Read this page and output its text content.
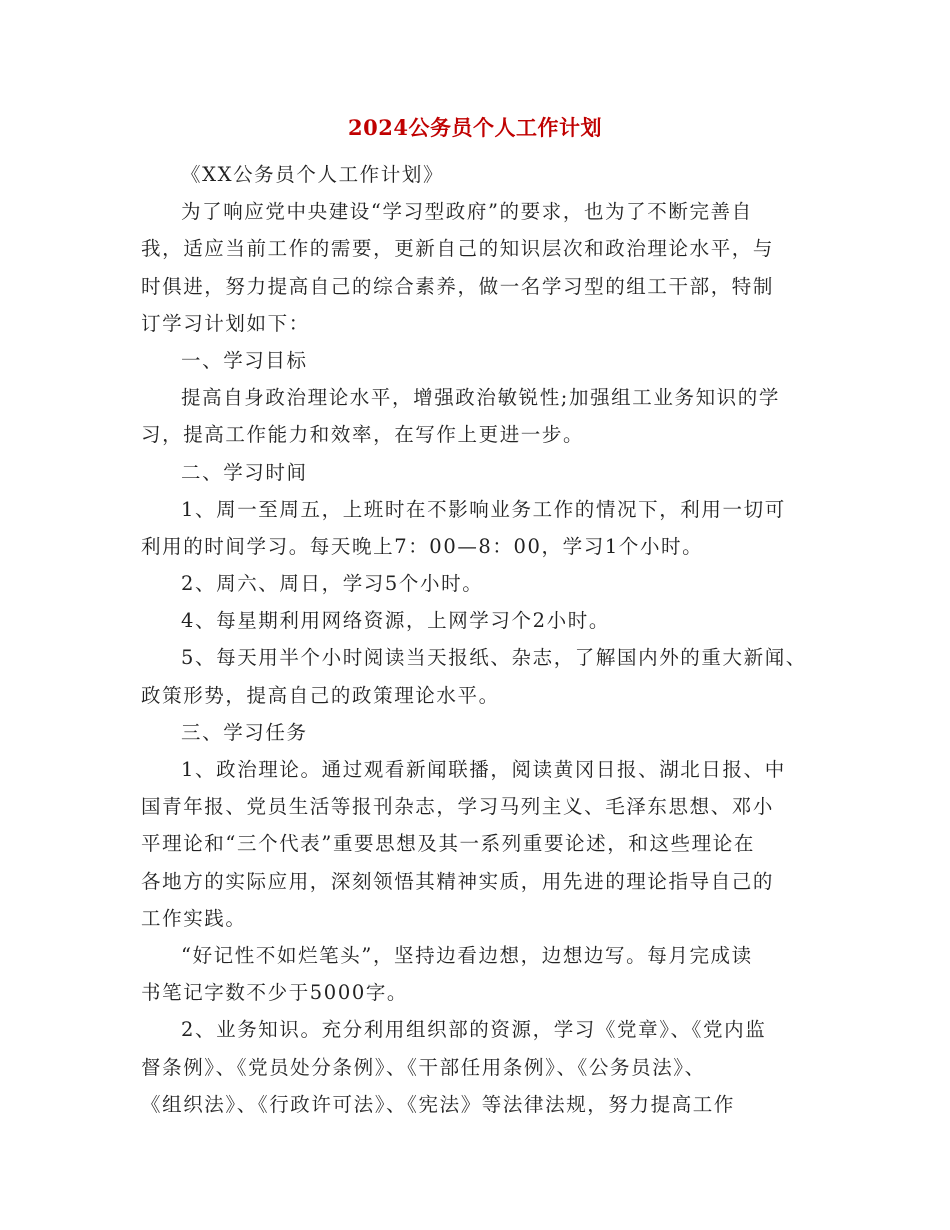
2024公务员个人工作计划
《XX公务员个人工作计划》
为了响应党中央建设“学习型政府”的要求，也为了不断完善自
我，适应当前工作的需要，更新自己的知识层次和政治理论水平，与
时俱进，努力提高自己的综合素养，做一名学习型的组工干部，特制
订学习计划如下：
一、学习目标
提高自身政治理论水平，增强政治敏锐性;加强组工业务知识的学
习，提高工作能力和效率，在写作上更进一步。
二、学习时间
1、周一至周五，上班时在不影响业务工作的情况下，利用一切可
利用的时间学习。每天晚上7：00—8：00，学习1个小时。
2、周六、周日，学习5个小时。
4、每星期利用网络资源，上网学习个2小时。
5、每天用半个小时阅读当天报纸、杂志，了解国内外的重大新闻、
政策形势，提高自己的政策理论水平。
三、学习任务
1、政治理论。通过观看新闻联播，阅读黄冈日报、湖北日报、中
国青年报、党员生活等报刊杂志，学习马列主义、毛泽东思想、邓小
平理论和“三个代表”重要思想及其一系列重要论述，和这些理论在
各地方的实际应用，深刻领悟其精神实质，用先进的理论指导自己的
工作实践。
“好记性不如烂笔头”，坚持边看边想，边想边写。每月完成读
书笔记字数不少于5000字。
2、业务知识。充分利用组织部的资源，学习《党章》、《党内监
督条例》、《党员处分条例》、《干部任用条例》、《公务员法》、
《组织法》、《行政许可法》、《宪法》等法律法规，努力提高工作
